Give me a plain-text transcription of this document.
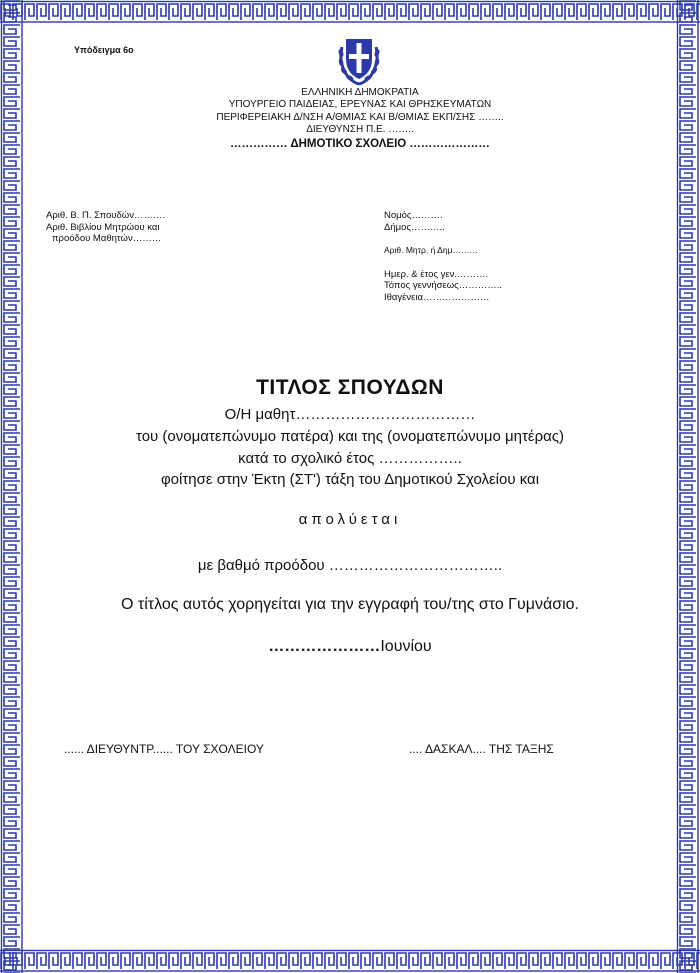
Υπόδειγμα 6ο
ΕΛΛΗΝΙΚΗ ΔΗΜΟΚΡΑΤΙΑ
ΥΠΟΥΡΓΕΙΟ ΠΑΙΔΕΙΑΣ, ΕΡΕΥΝΑΣ ΚΑΙ ΘΡΗΣΚΕΥΜΑΤΩΝ
ΠΕΡΙΦΕΡΕΙΑΚΗ Δ/ΝΣΗ Α/ΘΜΙΑΣ ΚΑΙ Β/ΘΜΙΑΣ ΕΚΠ/ΣΗΣ ……..
ΔΙΕΥΘΥΝΣΗ Π.Ε. ……..
…………… ΔΗΜΟΤΙΚΟ ΣΧΟΛΕΙΟ …………………
Αριθ. Β. Π. Σπουδών……….
Αριθ. Βιβλίου Μητρώου και
προόδου Μαθητών………
Νομός……….
Δήμος………..
Αριθ. Μητρ. ή Δημ………
Ημερ. & έτος γεν.……….
Τόπος γεννήσεως…………..
Ιθαγένεια…………………
ΤΙΤΛΟΣ ΣΠΟΥΔΩΝ
Ο/Η μαθητ………………………………
του (ονοματεπώνυμο πατέρα) και της (ονοματεπώνυμο μητέρας)
κατά το σχολικό έτος ……………..
φοίτησε στην Έκτη (ΣΤ') τάξη του Δημοτικού Σχολείου και
απολύεται
με βαθμό προόδου ……………………………..
Ο τίτλος αυτός χορηγείται για την εγγραφή του/της στο Γυμνάσιο.
…………………Ιουνίου
...... ΔΙΕΥΘΥΝΤΡ...... ΤΟΥ ΣΧΟΛΕΙΟΥ	.... ΔΑΣΚΑΛ.... ΤΗΣ ΤΑΞΗΣ
